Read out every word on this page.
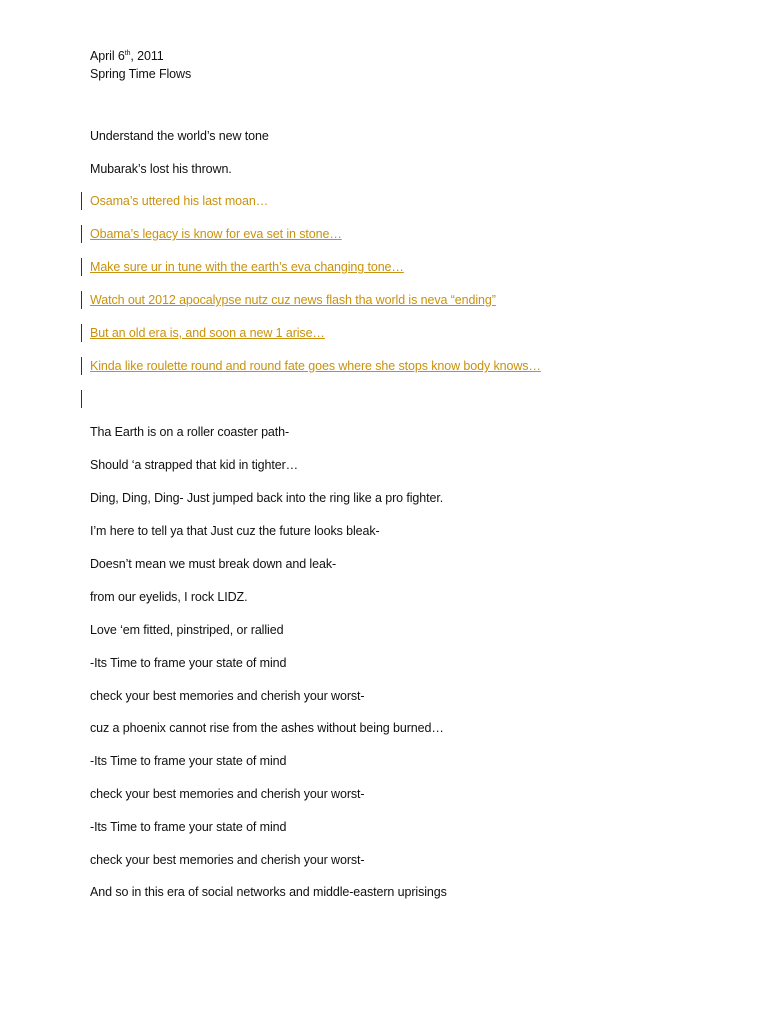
April 6th, 2011
Spring Time Flows
Understand the world’s new tone
Mubarak’s lost his thrown.
Osama’s uttered his last moan…
Obama’s legacy is know for eva set in stone…
Make sure ur in tune with the earth’s eva changing tone…
Watch out 2012 apocalypse nutz cuz news flash tha world is neva “ending”
But an old era is, and soon a new 1 arise…
Kinda like roulette round and round fate goes where she stops know body knows…
Tha Earth is on a roller coaster path-
Should ‘a strapped that kid in tighter…
Ding, Ding, Ding- Just jumped back into the ring like a pro fighter.
I’m here to tell ya that Just cuz the future looks bleak-
Doesn’t mean we must break down and leak-
from our eyelids, I rock LIDZ.
Love ‘em fitted, pinstriped, or rallied
-Its Time to frame your state of mind
check your best memories and cherish your worst-
cuz a phoenix cannot rise from the ashes without being burned…
-Its Time to frame your state of mind
check your best memories and cherish your worst-
-Its Time to frame your state of mind
check your best memories and cherish your worst-
And so in this era of social networks and middle-eastern uprisings
